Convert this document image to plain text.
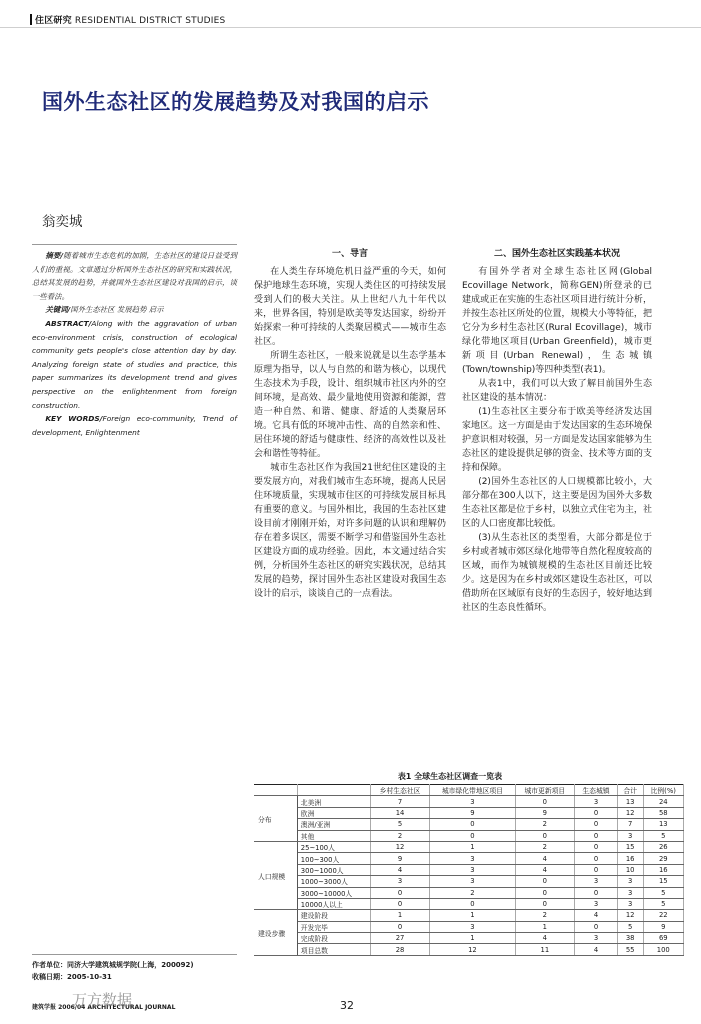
住区研究 RESIDENTIAL DISTRICT STUDIES
国外生态社区的发展趋势及对我国的启示
翁奕城

摘要/随着城市生态危机的加剧，生态社区的建设日益受到人们的重视。文章通过分析国外生态社区的研究和实践状况，总结其发展的趋势，并就国外生态社区建设对我国的启示，谈一些看法。

关键词/国外生态社区 发展趋势 启示

ABSTRACT/Along with the aggravation of urban eco-environment crisis, construction of ecological community gets people's close attention day by day. Analyzing foreign state of studies and practice, this paper summarizes its development trend and gives perspective on the enlightenment from foreign construction.

KEY WORDS/Foreign eco-community, Trend of development, Enlightenment

一、导言

在人类生存环境危机日益严重的今天，如何保护地球生态环境，实现人类住区的可持续发展受到人们的极大关注。从上世纪八九十年代以来，世界各国，特别是欧美等发达国家，纷纷开始探索一种可持续的人类聚居模式——城市生态社区。

所谓生态社区，一般来说就是以生态学基本原理为指导，以人与自然的和谐为核心，以现代生态技术为手段，设计、组织城市社区内外的空间环境，是高效、最少量地使用资源和能源，营造一种自然、和谐、健康、舒适的人类聚居环境。它具有低的环境冲击性、高的自然亲和性、居住环境的舒适与健康性、经济的高效性以及社会和谐性等特征。

城市生态社区作为我国21世纪住区建设的主要发展方向，对我们城市生态环境，提高人民居住环境质量，实现城市住区的可持续发展目标具有重要的意义。与国外相比，我国的生态社区建设目前才刚刚开始，对许多问题的认识和理解仍存在着多误区，需要不断学习和借鉴国外生态社区建设方面的成功经验。因此，本文通过结合实例，分析国外生态社区的研究实践状况，总结其发展的趋势，探讨国外生态社区建设对我国生态设计的启示，谈谈自己的一点看法。

二、国外生态社区实践基本状况

有国外学者对全球生态社区网(Global Ecovillage Network，简称GEN)所登录的已建成或正在实施的生态社区项目进行统计分析，并按生态社区所处的位置，规模大小等特征，把它分为乡村生态社区(Rural Ecovillage)，城市绿化带地区项目(Urban Greenfield)，城市更新项目(Urban Renewal)，生态城镇(Town/township)等四种类型(表1)。

从表1中，我们可以大致了解目前国外生态社区建设的基本情况：

(1)生态社区主要分布于欧美等经济发达国家地区。这一方面是由于发达国家的生态环境保护意识相对较强，另一方面是发达国家能够为生态社区的建设提供足够的资金、技术等方面的支持和保障。

(2)国外生态社区的人口规模都比较小，大部分都在300人以下，这主要是因为国外大多数生态社区都是位于乡村，以独立式住宅为主，社区的人口密度都比较低。

(3)从生态社区的类型看，大部分都是位于乡村或者城市郊区绿化地带等自然化程度较高的区域，而作为城镇规模的生态社区目前还比较少。这是因为在乡村或郊区建设生态社区，可以借助所在区域原有良好的生态因子，较好地达到社区的生态良性循环。

表1 全球生态社区调查一览表
		乡村生态社区	城市绿化带地区项目	城市更新项目	生态城镇	合计	比例(%)
分布	北美洲	7	3	0	3	13	24
	欧洲	14	9	9	0	12	58
	澳洲/亚洲	5	0	2	0	7	13
	其他	2	0	0	0	3	5
人口规模	25~100人	12	1	2	0	15	26
	100~300人	9	3	4	0	16	29
	300~1000人	4	3	4	0	10	16
	1000~3000人	3	3	0	3	3	15
	3000~10000人	0	2	0	0	3	5
	10000人以上	0	0	0	3	3	5
建设步骤	建设阶段	1	1	2	4	12	22
	开发完毕	0	3	1	0	5	9
	完成阶段	27	1	4	3	38	69
	项目总数	28	12	11	4	55	100
作者单位：同济大学建筑城规学院(上海，200092)
收稿日期：2005-10-31
建筑学报 2006/04 ARCHITECTURAL JOURNAL
万方数据	32
